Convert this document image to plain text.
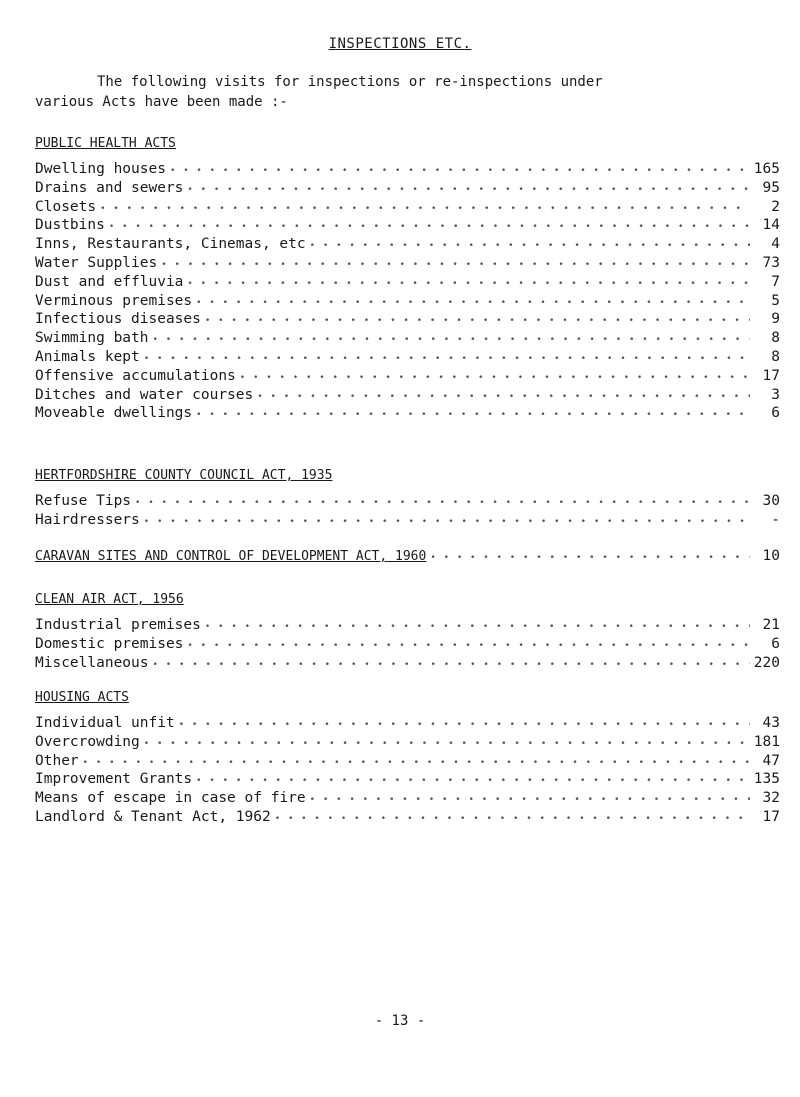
INSPECTIONS ETC.
The following visits for inspections or re-inspections under
various Acts have been made :-
PUBLIC HEALTH ACTS
Dwelling houses • • •	165
Drains and sewers • • •	95
Closets • • •	2
Dustbins • • •	14
Inns, Restaurants, Cinemas, etc • • •	4
Water Supplies • • •	73
Dust and effluvia • • •	7
Verminous premises • • •	5
Infectious diseases • • •	9
Swimming bath • • •	8
Animals kept • • •	8
Offensive accumulations • • •	17
Ditches and water courses • • •	3
Moveable dwellings • • •	6
HERTFORDSHIRE COUNTY COUNCIL ACT, 1935
Refuse Tips • • •	30
Hairdressers • • •	-
CARAVAN SITES AND CONTROL OF DEVELOPMENT ACT, 1960 • • •	10
CLEAN AIR ACT, 1956
Industrial premises • • •	21
Domestic premises • • •	6
Miscellaneous • • •	220
HOUSING ACTS
Individual unfit • • •	43
Overcrowding • • •	181
Other • • •	47
Improvement Grants • • •	135
Means of escape in case of fire • • •	32
Landlord & Tenant Act, 1962 • • •	17
- 13 -
